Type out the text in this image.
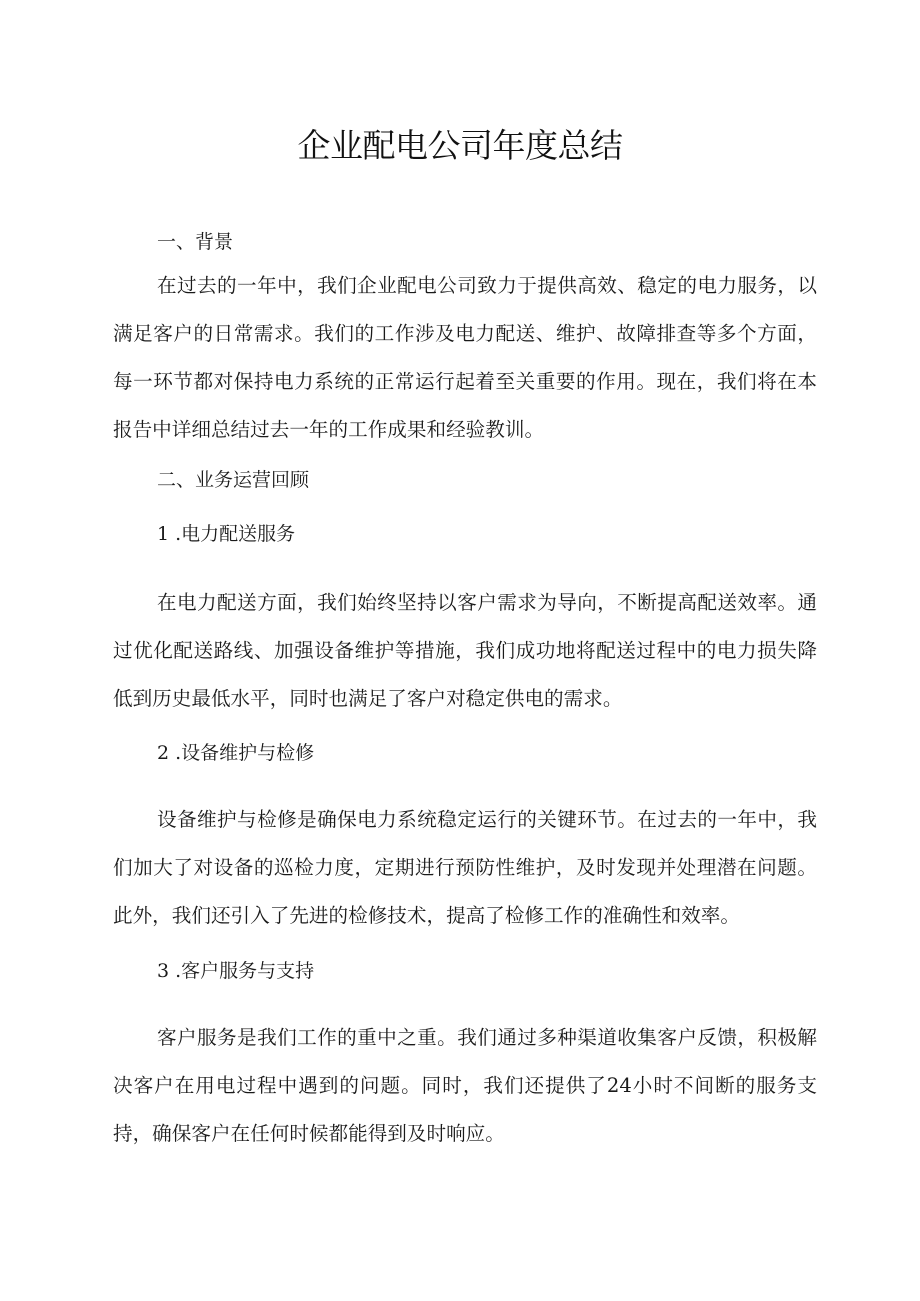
企业配电公司年度总结
一、背景
在过去的一年中，我们企业配电公司致力于提供高效、稳定的电力服务，以满足客户的日常需求。我们的工作涉及电力配送、维护、故障排查等多个方面，每一环节都对保持电力系统的正常运行起着至关重要的作用。现在，我们将在本报告中详细总结过去一年的工作成果和经验教训。
二、业务运营回顾
1 .电力配送服务
在电力配送方面，我们始终坚持以客户需求为导向，不断提高配送效率。通过优化配送路线、加强设备维护等措施，我们成功地将配送过程中的电力损失降低到历史最低水平，同时也满足了客户对稳定供电的需求。
2 .设备维护与检修
设备维护与检修是确保电力系统稳定运行的关键环节。在过去的一年中，我们加大了对设备的巡检力度，定期进行预防性维护，及时发现并处理潜在问题。此外，我们还引入了先进的检修技术，提高了检修工作的准确性和效率。
3 .客户服务与支持
客户服务是我们工作的重中之重。我们通过多种渠道收集客户反馈，积极解决客户在用电过程中遇到的问题。同时，我们还提供了24小时不间断的服务支持，确保客户在任何时候都能得到及时响应。
